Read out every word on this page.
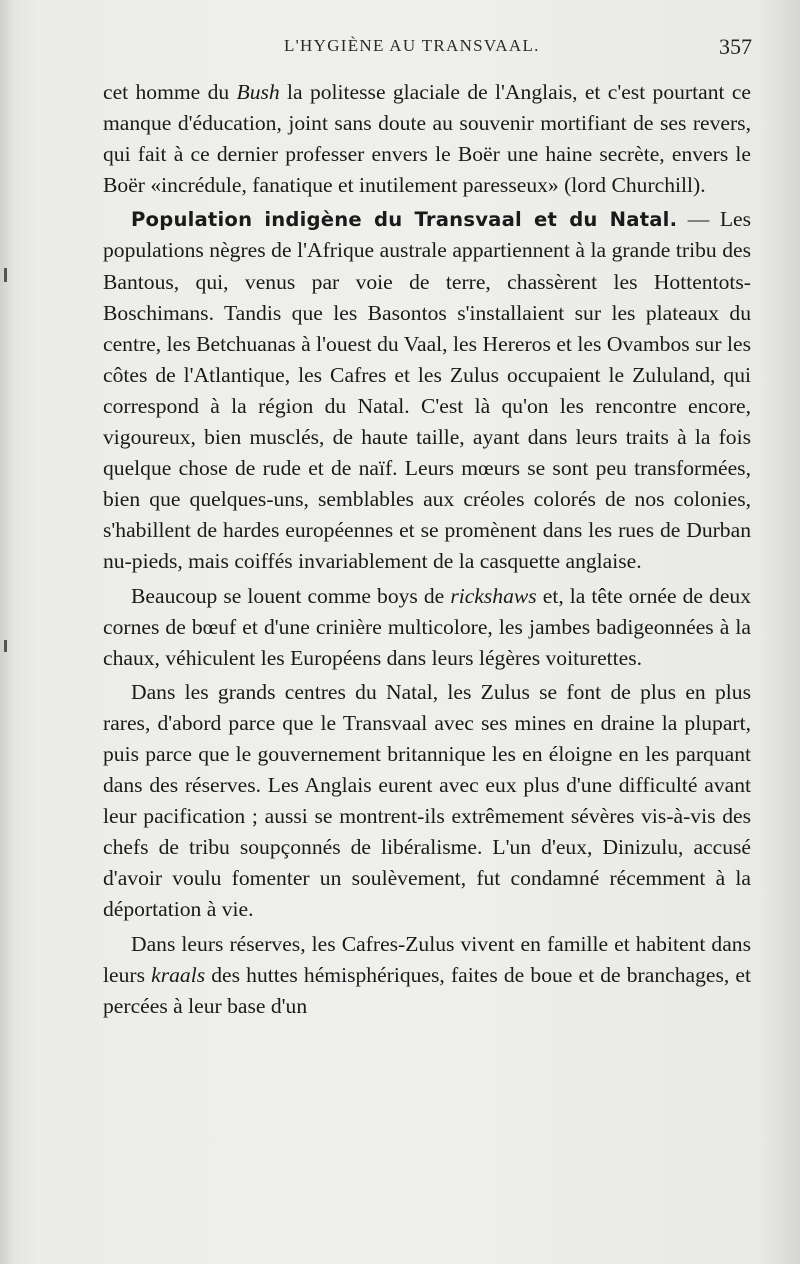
L'HYGIÈNE AU TRANSVAAL.	357

cet homme du Bush la politesse glaciale de l'Anglais, et c'est pourtant ce manque d'éducation, joint sans doute au souvenir mortifiant de ses revers, qui fait à ce dernier professer envers le Boër une haine secrète, envers le Boër «incrédule, fanatique et inutilement paresseux» (lord Churchill).

Population indigène du Transvaal et du Natal. — Les populations nègres de l'Afrique australe appartiennent à la grande tribu des Bantous, qui, venus par voie de terre, chassèrent les Hottentots-Boschimans. Tandis que les Basontos s'installaient sur les plateaux du centre, les Betchuanas à l'ouest du Vaal, les Hereros et les Ovambos sur les côtes de l'Atlantique, les Cafres et les Zulus occupaient le Zululand, qui correspond à la région du Natal. C'est là qu'on les rencontre encore, vigoureux, bien musclés, de haute taille, ayant dans leurs traits à la fois quelque chose de rude et de naïf. Leurs mœurs se sont peu transformées, bien que quelques-uns, semblables aux créoles colorés de nos colonies, s'habillent de hardes européennes et se promènent dans les rues de Durban nu-pieds, mais coiffés invariablement de la casquette anglaise.

Beaucoup se louent comme boys de rickshaws et, la tête ornée de deux cornes de bœuf et d'une crinière multicolore, les jambes badigeonnées à la chaux, véhiculent les Européens dans leurs légères voiturettes.

Dans les grands centres du Natal, les Zulus se font de plus en plus rares, d'abord parce que le Transvaal avec ses mines en draine la plupart, puis parce que le gouvernement britannique les en éloigne en les parquant dans des réserves. Les Anglais eurent avec eux plus d'une difficulté avant leur pacification ; aussi se montrent-ils extrêmement sévères vis-à-vis des chefs de tribu soupçonnés de libéralisme. L'un d'eux, Dinizulu, accusé d'avoir voulu fomenter un soulèvement, fut condamné récemment à la déportation à vie.

Dans leurs réserves, les Cafres-Zulus vivent en famille et habitent dans leurs kraals des huttes hémisphériques, faites de boue et de branchages, et percées à leur base d'un
